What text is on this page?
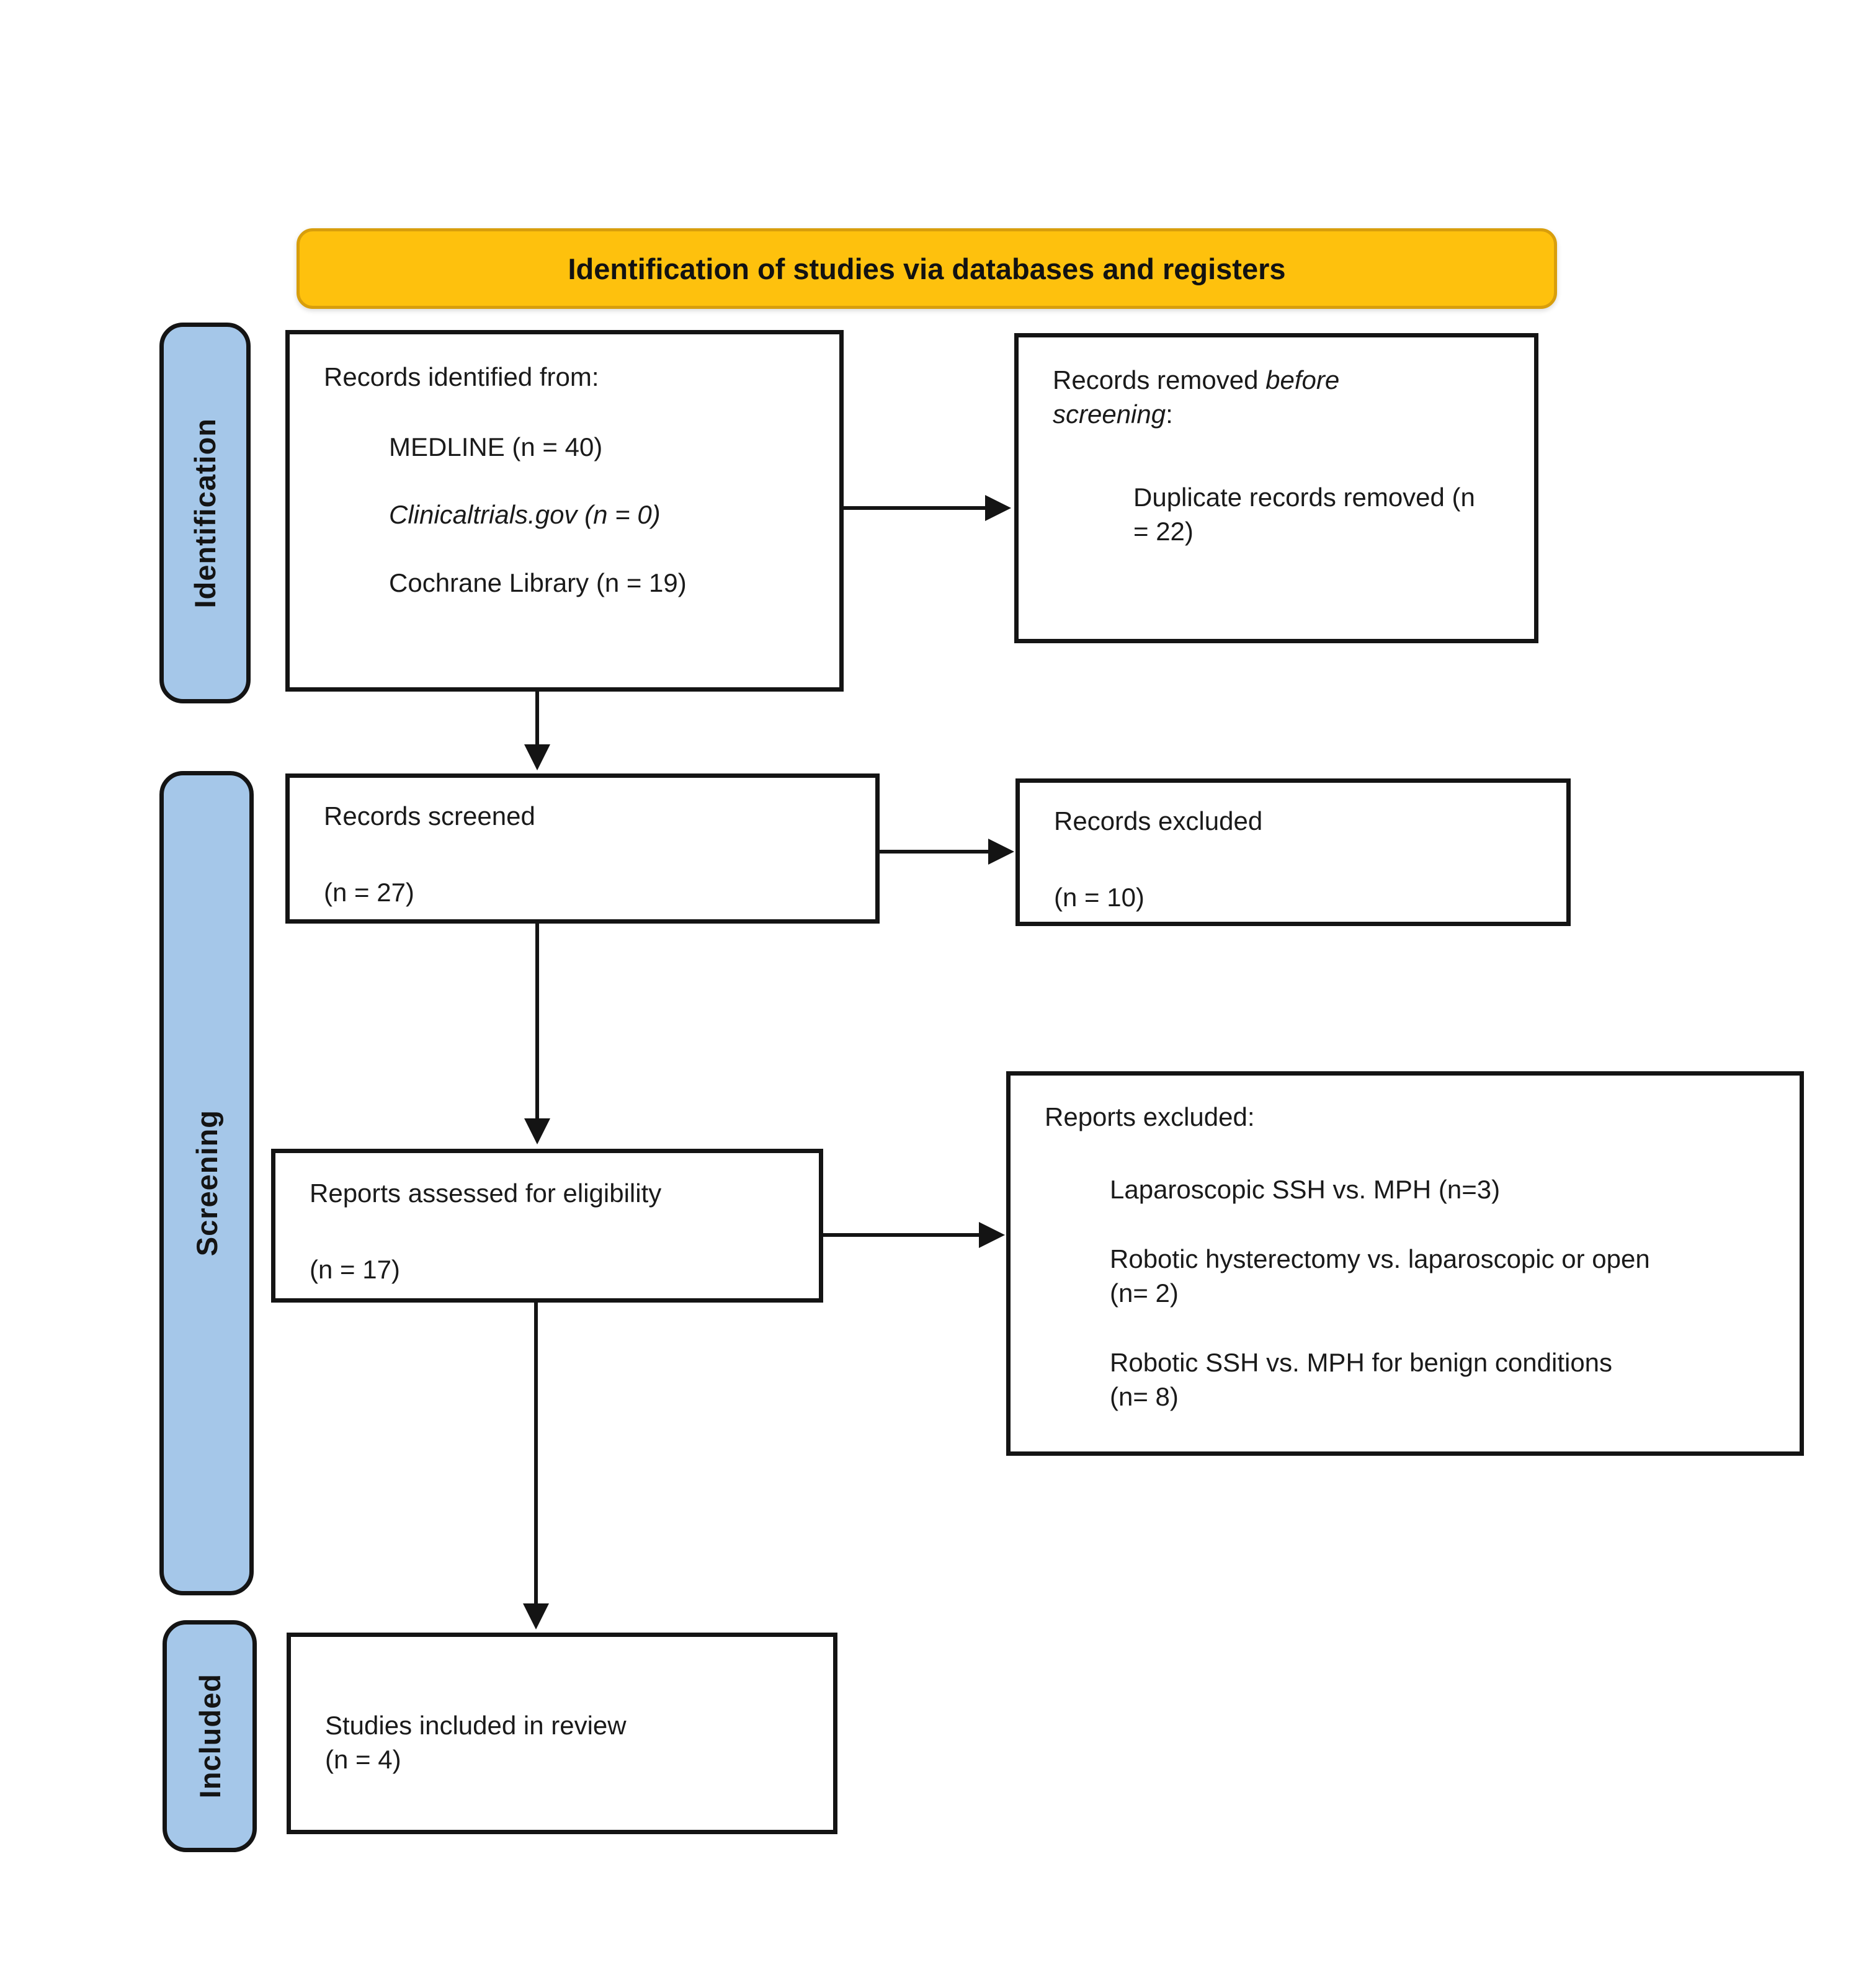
Identification of studies via databases and registers
Identification
Screening
Included

Records identified from:

MEDLINE (n = 40)

Clinicaltrials.gov (n = 0)

Cochrane Library (n = 19)

Records removed before screening:

Duplicate records removed (n = 22)

Records screened

(n = 27)

Records excluded

(n = 10)

Reports assessed for eligibility

(n = 17)

Reports excluded:

Laparoscopic SSH vs. MPH (n=3)

Robotic hysterectomy vs. laparoscopic or open (n= 2)

Robotic SSH vs. MPH for benign conditions (n= 8)

Studies included in review

(n = 4)
